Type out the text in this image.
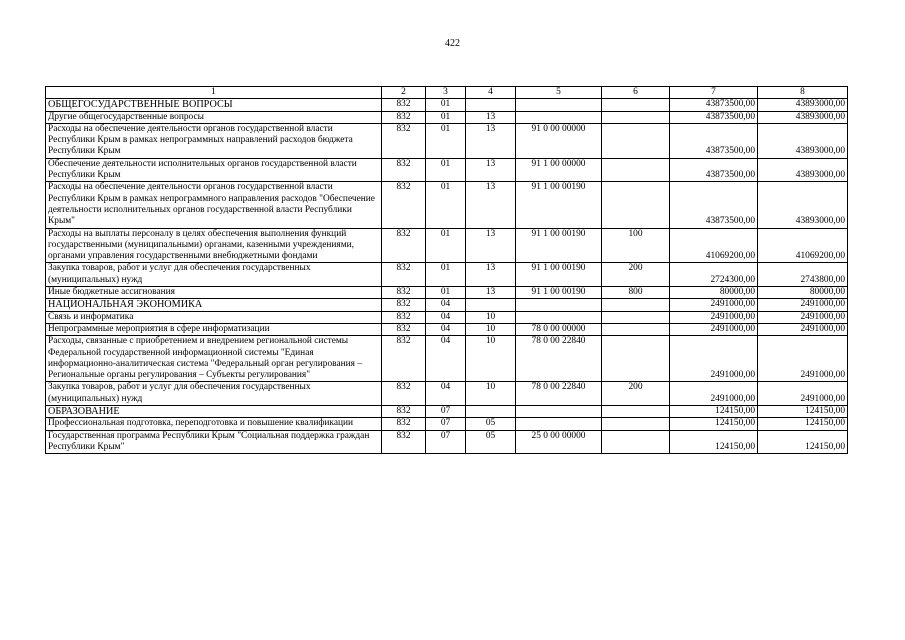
422
1	2	3	4	5	6	7	8
ОБЩЕГОСУДАРСТВЕННЫЕ ВОПРОСЫ	832	01				43873500,00	43893000,00
Другие общегосударственные вопросы	832	01	13			43873500,00	43893000,00
Расходы на обеспечение деятельности органов государственной власти Республики Крым в рамках непрограммных направлений расходов бюджета Республики Крым	832	01	13	91 0 00 00000		43873500,00	43893000,00
Обеспечение деятельности исполнительных органов государственной власти Республики Крым	832	01	13	91 1 00 00000		43873500,00	43893000,00
Расходы на обеспечение деятельности органов государственной власти Республики Крым в рамках непрограммного направления расходов "Обеспечение деятельности исполнительных органов государственной власти Республики Крым"	832	01	13	91 1 00 00190		43873500,00	43893000,00
Расходы на выплаты персоналу в целях обеспечения выполнения функций государственными (муниципальными) органами, казенными учреждениями, органами управления государственными внебюджетными фондами	832	01	13	91 1 00 00190	100	41069200,00	41069200,00
Закупка товаров, работ и услуг для обеспечения государственных (муниципальных) нужд	832	01	13	91 1 00 00190	200	2724300,00	2743800,00
Иные бюджетные ассигнования	832	01	13	91 1 00 00190	800	80000,00	80000,00
НАЦИОНАЛЬНАЯ ЭКОНОМИКА	832	04				2491000,00	2491000,00
Связь и информатика	832	04	10			2491000,00	2491000,00
Непрограммные мероприятия в сфере информатизации	832	04	10	78 0 00 00000		2491000,00	2491000,00
Расходы, связанные с приобретением и внедрением региональной системы Федеральной государственной информационной системы "Единая информационно-аналитическая система "Федеральный орган регулирования – Региональные органы регулирования – Субъекты регулирования"	832	04	10	78 0 00 22840		2491000,00	2491000,00
Закупка товаров, работ и услуг для обеспечения государственных (муниципальных) нужд	832	04	10	78 0 00 22840	200	2491000,00	2491000,00
ОБРАЗОВАНИЕ	832	07				124150,00	124150,00
Профессиональная подготовка, переподготовка и повышение квалификации	832	07	05			124150,00	124150,00
Государственная программа Республики Крым "Социальная поддержка граждан Республики Крым"	832	07	05	25 0 00 00000		124150,00	124150,00
